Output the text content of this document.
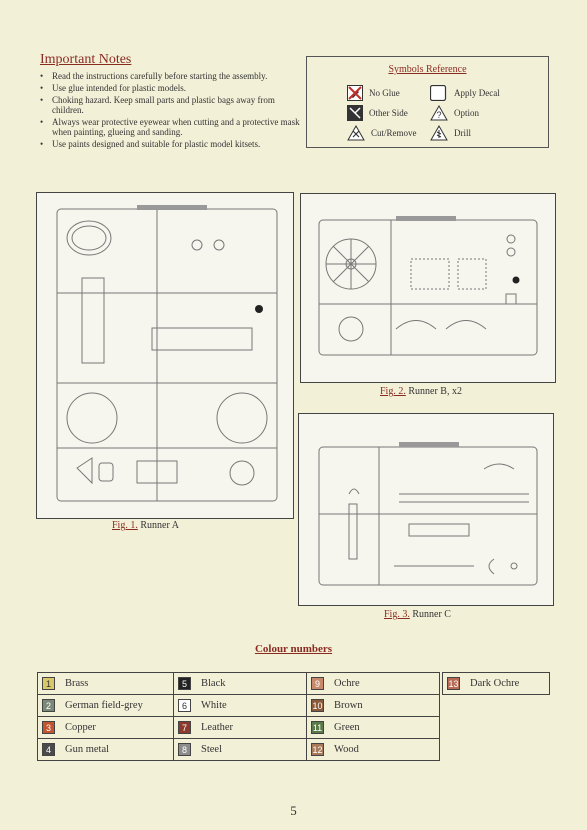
Important Notes
• Read the instructions carefully before starting the assembly.
• Use glue intended for plastic models.
• Choking hazard. Keep small parts and plastic bags away from children.
• Always wear protective eyewear when cutting and a protective mask when painting, glueing and sanding.
• Use paints designed and suitable for plastic model kitsets.
Symbols Reference
No Glue
Other Side
Cut/Remove
Apply Decal
? Option
Drill
Fig. 1. Runner A
Fig. 2. Runner B, x2
Fig. 3. Runner C
Colour numbers
1	Brass
2	German field-grey
3	Copper
4	Gun metal
5	Black
6	White
7	Leather
8	Steel
9	Ochre
10 Brown
11 Green
12 Wood
13 Dark Ochre
5
